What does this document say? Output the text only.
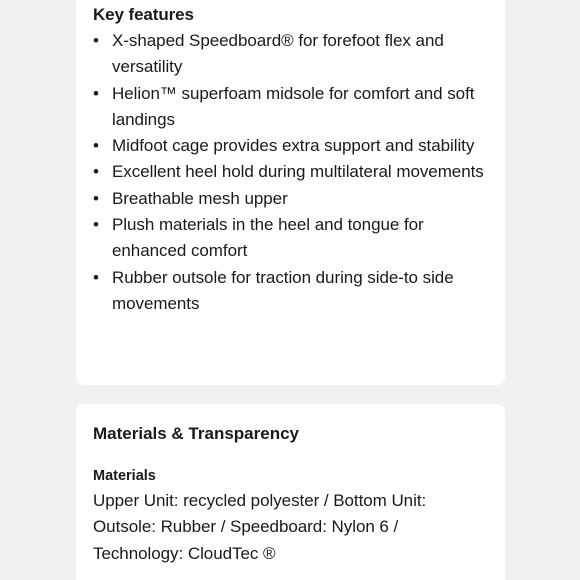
Key features
• X-shaped Speedboard® for forefoot flex and versatility
• Helion™ superfoam midsole for comfort and soft landings
• Midfoot cage provides extra support and stability
• Excellent heel hold during multilateral movements
• Breathable mesh upper
• Plush materials in the heel and tongue for enhanced comfort
• Rubber outsole for traction during side-to side movements
Materials & Transparency
Materials

Upper Unit: recycled polyester / Bottom Unit: Outsole: Rubber / Speedboard: Nylon 6 / Technology: CloudTec ®
